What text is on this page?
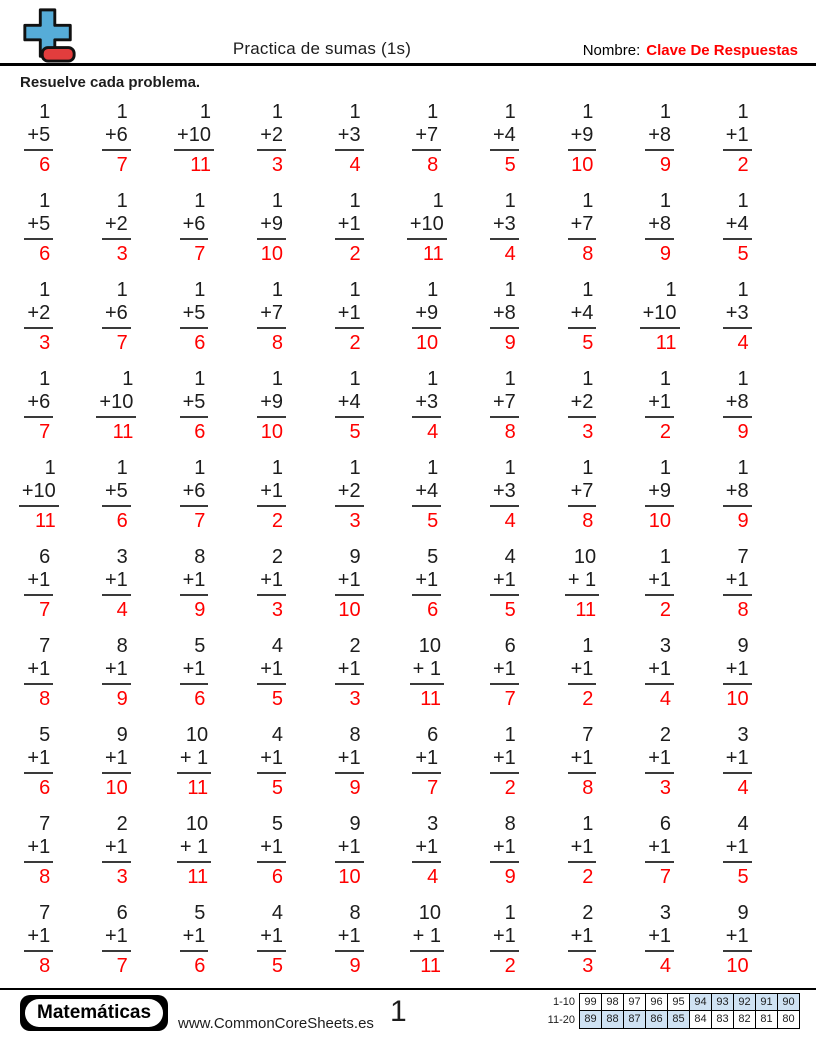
Practica de sumas (1s)	Nombre: Clave De Respuestas
Resuelve cada problema.
1
+5
6
1
+6
7
1
+10
11
1
+2
3
1
+3
4
1
+7
8
1
+4
5
1
+9
10
1
+8
9
1
+1
2
1
+5
6
1
+2
3
1
+6
7
1
+9
10
1
+1
2
1
+10
11
1
+3
4
1
+7
8
1
+8
9
1
+4
5
1
+2
3
1
+6
7
1
+5
6
1
+7
8
1
+1
2
1
+9
10
1
+8
9
1
+4
5
1
+10
11
1
+3
4
1
+6
7
1
+10
11
1
+5
6
1
+9
10
1
+4
5
1
+3
4
1
+7
8
1
+2
3
1
+1
2
1
+8
9
1
+10
11
1
+5
6
1
+6
7
1
+1
2
1
+2
3
1
+4
5
1
+3
4
1
+7
8
1
+9
10
1
+8
9
6
+1
7
3
+1
4
8
+1
9
2
+1
3
9
+1
10
5
+1
6
4
+1
5
10
+ 1
11
1
+1
2
7
+1
8
7
+1
8
8
+1
9
5
+1
6
4
+1
5
2
+1
3
10
+ 1
11
6
+1
7
1
+1
2
3
+1
4
9
+1
10
5
+1
6
9
+1
10
10
+ 1
11
4
+1
5
8
+1
9
6
+1
7
1
+1
2
7
+1
8
2
+1
3
3
+1
4
7
+1
8
2
+1
3
10
+ 1
11
5
+1
6
9
+1
10
3
+1
4
8
+1
9
1
+1
2
6
+1
7
4
+1
5
7
+1
8
6
+1
7
5
+1
6
4
+1
5
8
+1
9
10
+ 1
11
1
+1
2
2
+1
3
3
+1
4
9
+1
10
Matemáticas
www.CommonCoreSheets.es 1	1-10 99 98 97 96 95 94 93 92 91 90
11-20 89 88 87 86 85 84 83 82 81 80
